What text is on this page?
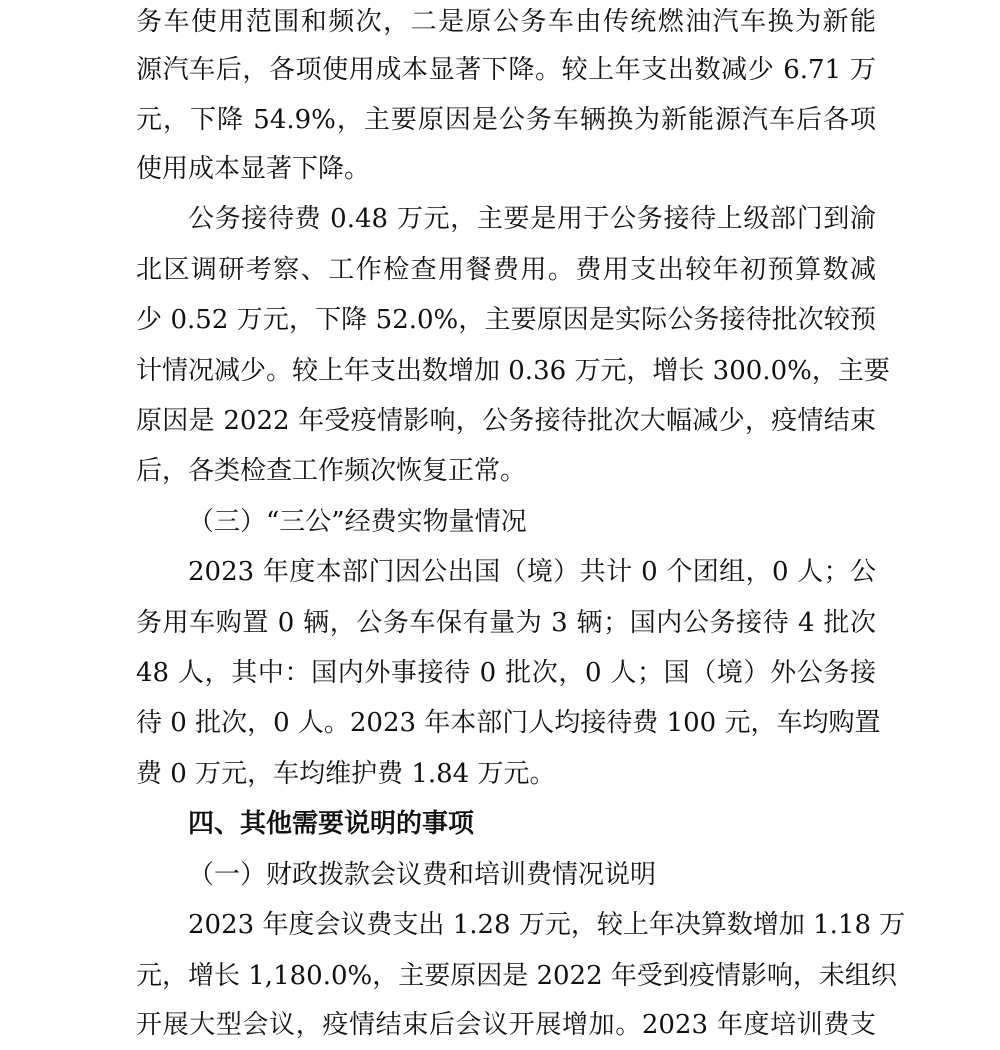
务车使用范围和频次，二是原公务车由传统燃油汽车换为新能
源汽车后，各项使用成本显著下降。较上年支出数减少 6.71 万
元，下降 54.9%，主要原因是公务车辆换为新能源汽车后各项
使用成本显著下降。
公务接待费 0.48 万元，主要是用于公务接待上级部门到渝
北区调研考察、工作检查用餐费用。费用支出较年初预算数减
少 0.52 万元，下降 52.0%，主要原因是实际公务接待批次较预
计情况减少。较上年支出数增加 0.36 万元，增长 300.0%，主要
原因是 2022 年受疫情影响，公务接待批次大幅减少，疫情结束
后，各类检查工作频次恢复正常。
（三）“三公”经费实物量情况
2023 年度本部门因公出国（境）共计 0 个团组，0 人；公
务用车购置 0 辆，公务车保有量为 3 辆；国内公务接待 4 批次
48 人，其中：国内外事接待 0 批次，0 人；国（境）外公务接
待 0 批次，0 人。2023 年本部门人均接待费 100 元，车均购置
费 0 万元，车均维护费 1.84 万元。
四、其他需要说明的事项
（一）财政拨款会议费和培训费情况说明
2023 年度会议费支出 1.28 万元，较上年决算数增加 1.18 万
元，增长 1,180.0%，主要原因是 2022 年受到疫情影响，未组织
开展大型会议，疫情结束后会议开展增加。2023 年度培训费支
